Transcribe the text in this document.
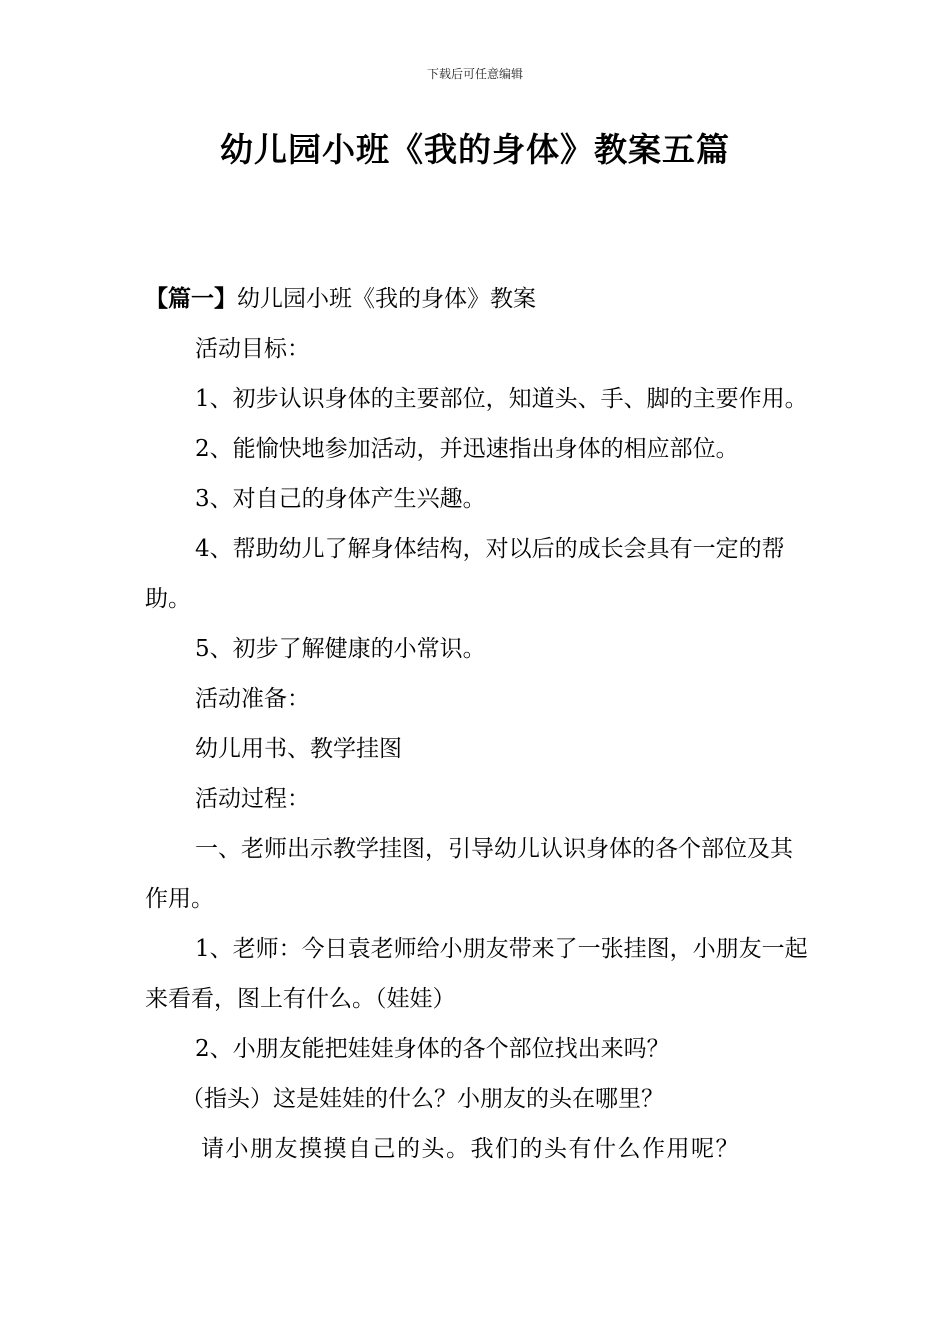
下载后可任意编辑
幼儿园小班《我的身体》教案五篇

【篇一】幼儿园小班《我的身体》教案

活动目标：

1、初步认识身体的主要部位，知道头、手、脚的主要作用。

2、能愉快地参加活动，并迅速指出身体的相应部位。

3、对自己的身体产生兴趣。

4、帮助幼儿了解身体结构，对以后的成长会具有一定的帮助。

5、初步了解健康的小常识。

活动准备：

幼儿用书、教学挂图

活动过程：

一、老师出示教学挂图，引导幼儿认识身体的各个部位及其作用。

1、老师：今日袁老师给小朋友带来了一张挂图，小朋友一起来看看，图上有什么。（娃娃）

2、小朋友能把娃娃身体的各个部位找出来吗？

（指头）这是娃娃的什么？小朋友的头在哪里？

请小朋友摸摸自己的头。我们的头有什么作用呢？
